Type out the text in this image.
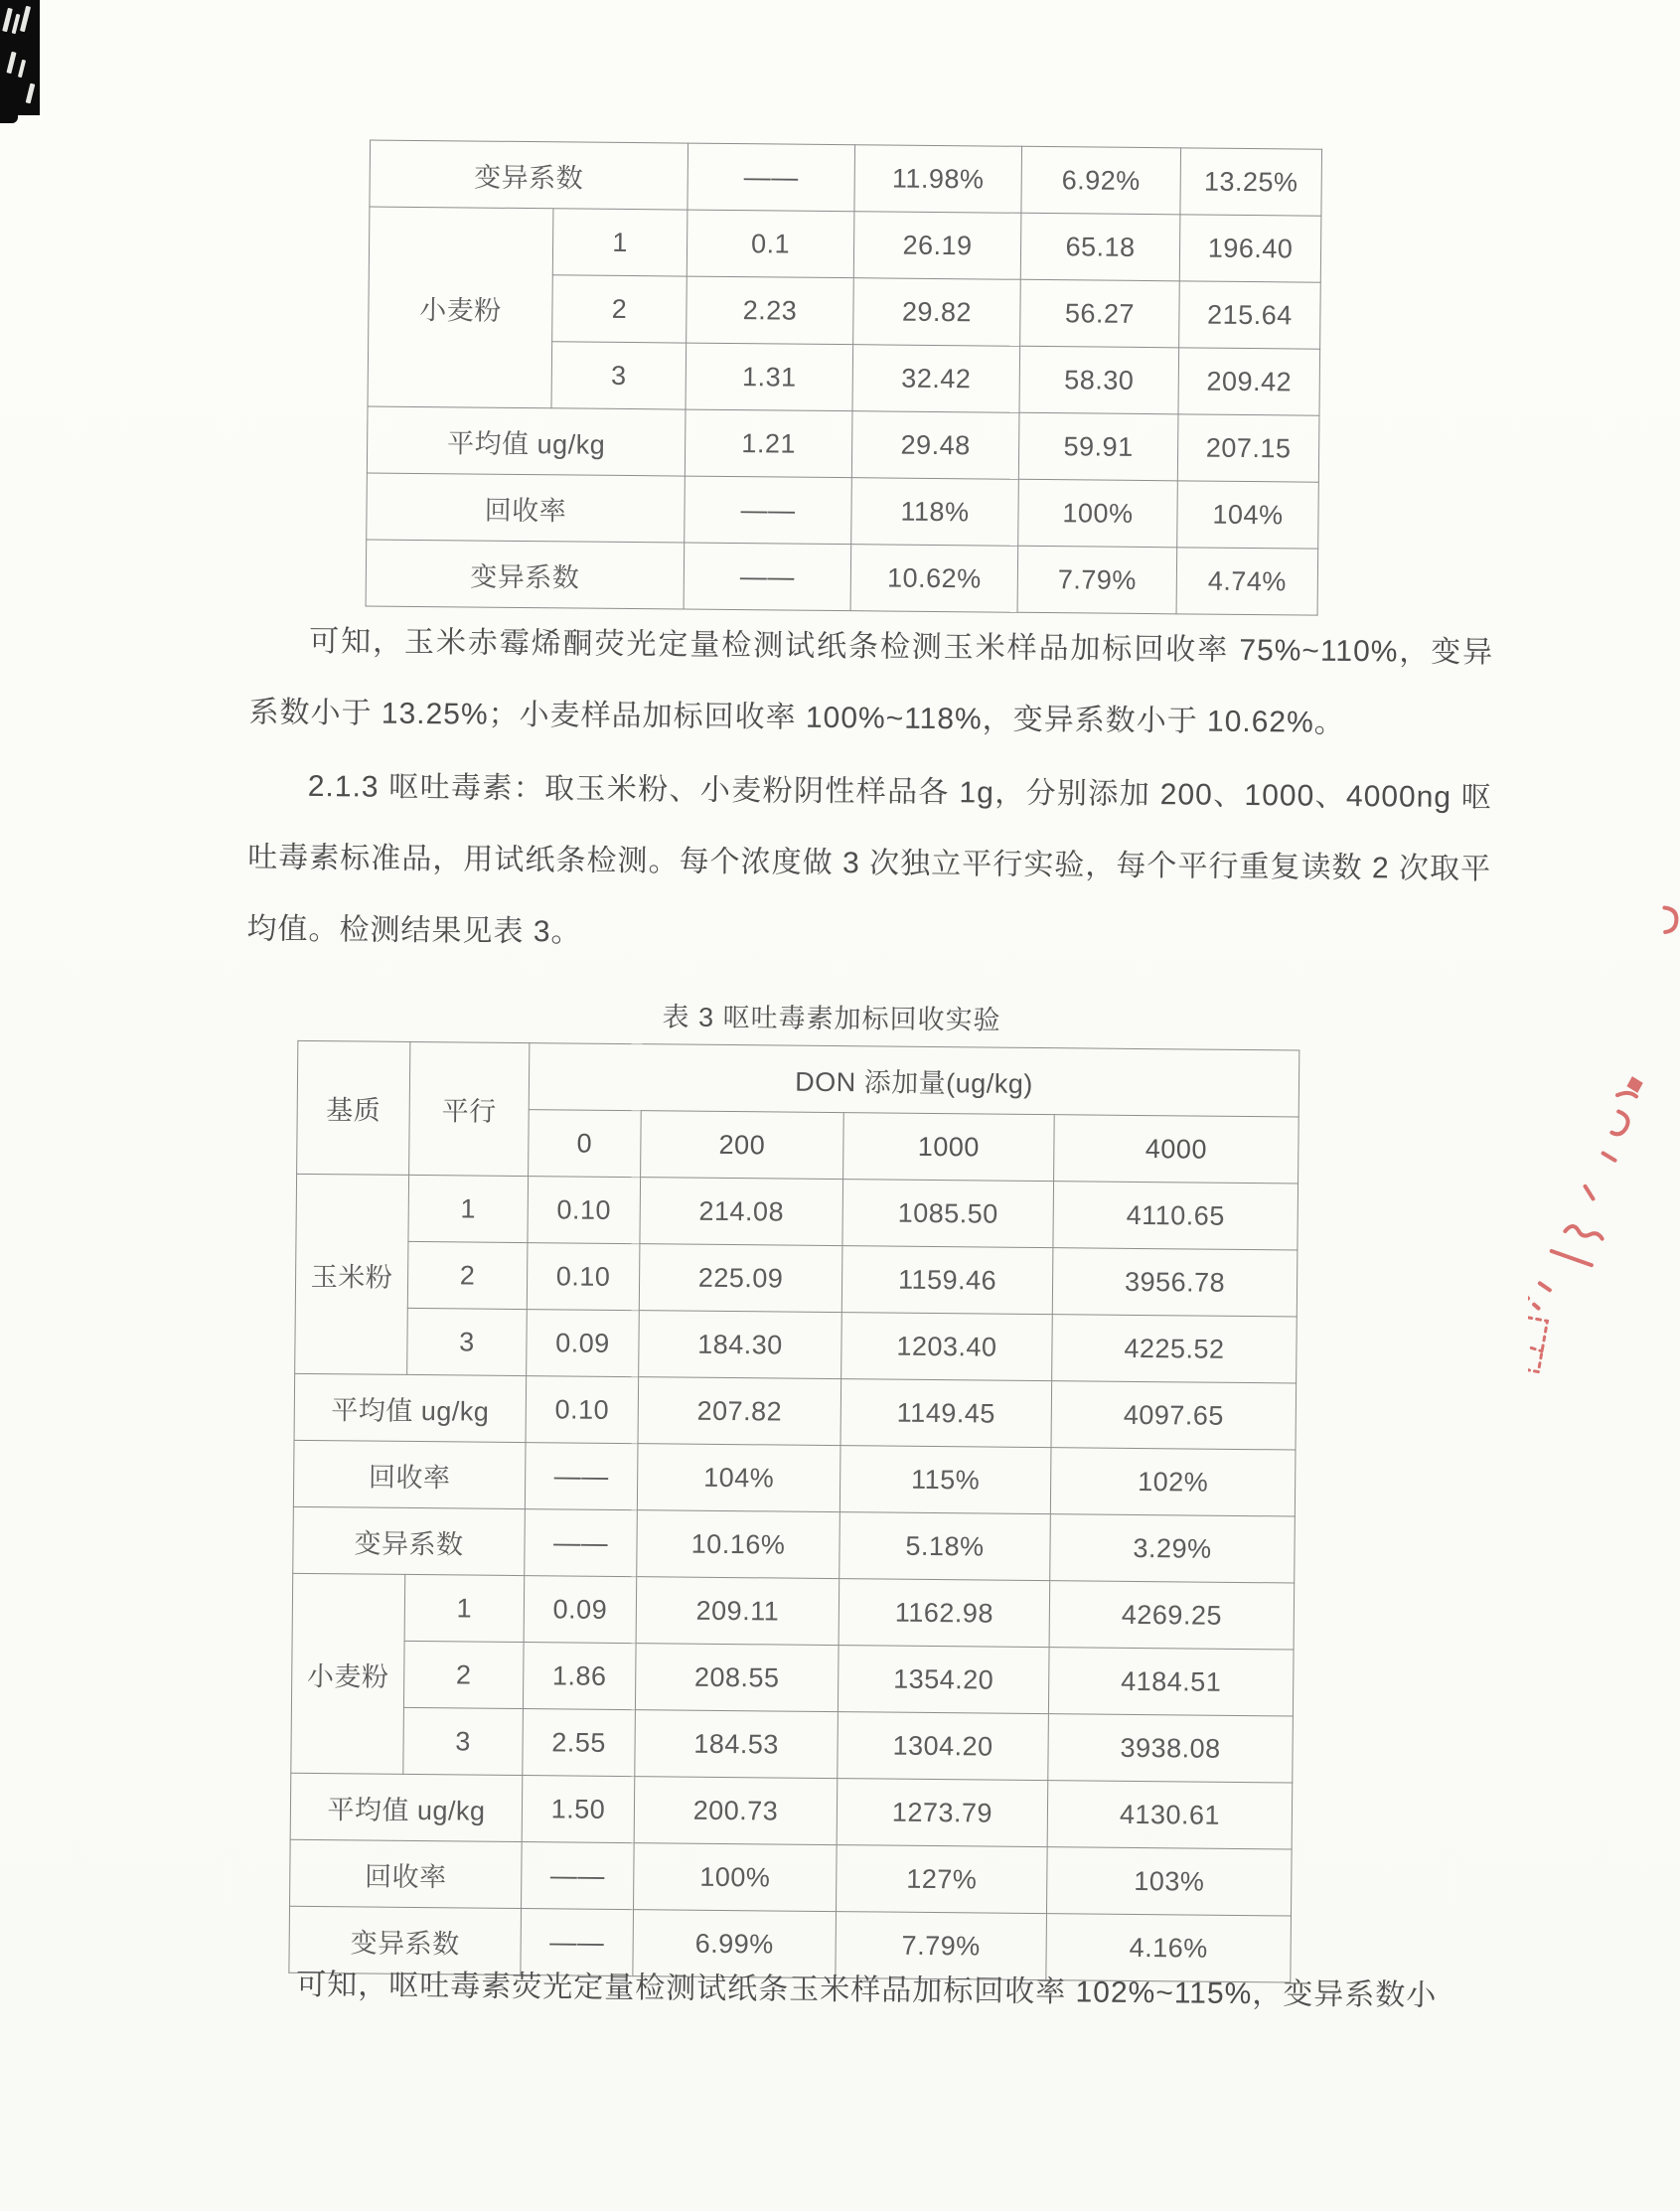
变异系数		——	11.98%	6.92%	13.25%
小麦粉	1	0.1	26.19	65.18	196.40
	2	2.23	29.82	56.27	215.64
	3	1.31	32.42	58.30	209.42
平均值 ug/kg		1.21	29.48	59.91	207.15
回收率		——	118%	100%	104%
变异系数		——	10.62%	7.79%	4.74%

可知，玉米赤霉烯酮荧光定量检测试纸条检测玉米样品加标回收率 75%~110%，变异系数小于 13.25%；小麦样品加标回收率 100%~118%，变异系数小于 10.62%。

2.1.3 呕吐毒素：取玉米粉、小麦粉阴性样品各 1g，分别添加 200、1000、4000ng 呕吐毒素标准品，用试纸条检测。每个浓度做 3 次独立平行实验，每个平行重复读数 2 次取平均值。检测结果见表 3。

表 3 呕吐毒素加标回收实验
基质	平行	DON 添加量(ug/kg)			
		0	200	1000	4000
玉米粉	1	0.10	214.08	1085.50	4110.65
	2	0.10	225.09	1159.46	3956.78
	3	0.09	184.30	1203.40	4225.52
平均值 ug/kg		0.10	207.82	1149.45	4097.65
回收率		——	104%	115%	102%
变异系数		——	10.16%	5.18%	3.29%
小麦粉	1	0.09	209.11	1162.98	4269.25
	2	1.86	208.55	1354.20	4184.51
	3	2.55	184.53	1304.20	3938.08
平均值 ug/kg		1.50	200.73	1273.79	4130.61
回收率		——	100%	127%	103%
变异系数		——	6.99%	7.79%	4.16%

可知，呕吐毒素荧光定量检测试纸条玉米样品加标回收率 102%~115%，变异系数小
